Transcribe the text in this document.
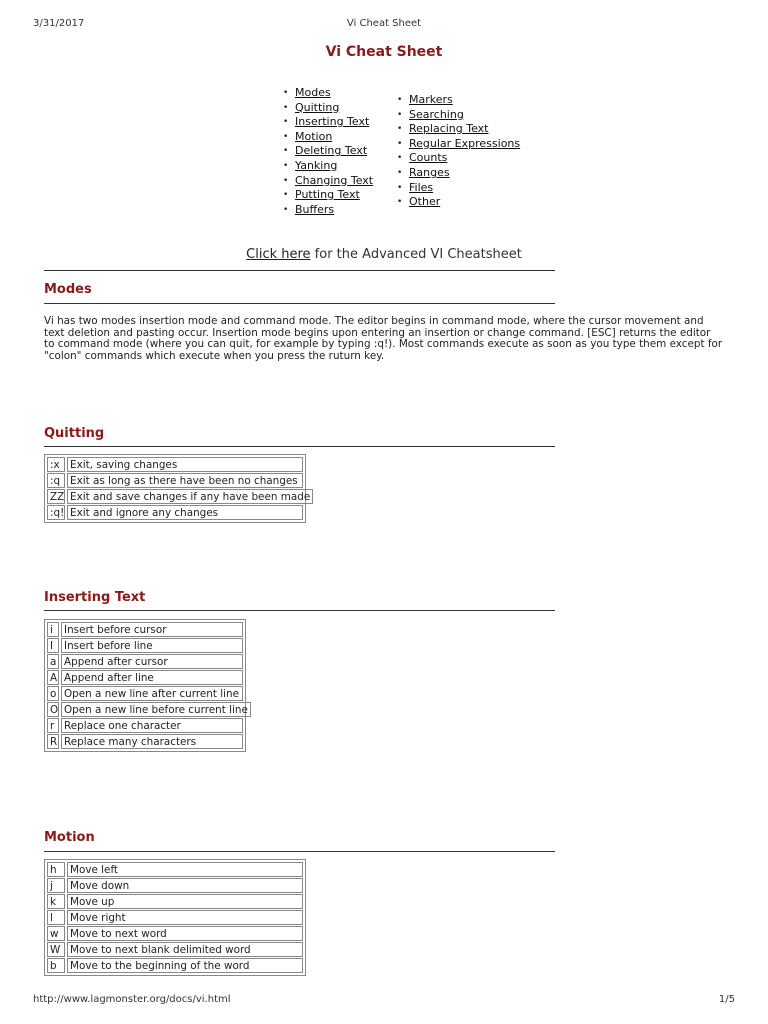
3/31/2017	Vi Cheat Sheet
Vi Cheat Sheet
• Modes
• Quitting
• Inserting Text
• Motion
• Deleting Text
• Yanking
• Changing Text
• Putting Text
• Buffers
• Markers
• Searching
• Replacing Text
• Regular Expressions
• Counts
• Ranges
• Files
• Other
Click here for the Advanced VI Cheatsheet
Modes
Vi has two modes insertion mode and command mode. The editor begins in command mode, where the cursor movement and text deletion and pasting occur. Insertion mode begins upon entering an insertion or change command. [ESC] returns the editor to command mode (where you can quit, for example by typing :q!). Most commands execute as soon as you type them except for "colon" commands which execute when you press the ruturn key.
Quitting
:x Exit, saving changes
:q Exit as long as there have been no changes
ZZ Exit and save changes if any have been made
:q! Exit and ignore any changes
Inserting Text
i	Insert before cursor
I	Insert before line
a Append after cursor
A Append after line
o Open a new line after current line
O Open a new line before current line
r Replace one character
R Replace many characters
Motion
h	Move left
j	Move down
k	Move up
l	Move right
w	Move to next word
W Move to next blank delimited word
b	Move to the beginning of the word
http://www.lagmonster.org/docs/vi.html	1/5
